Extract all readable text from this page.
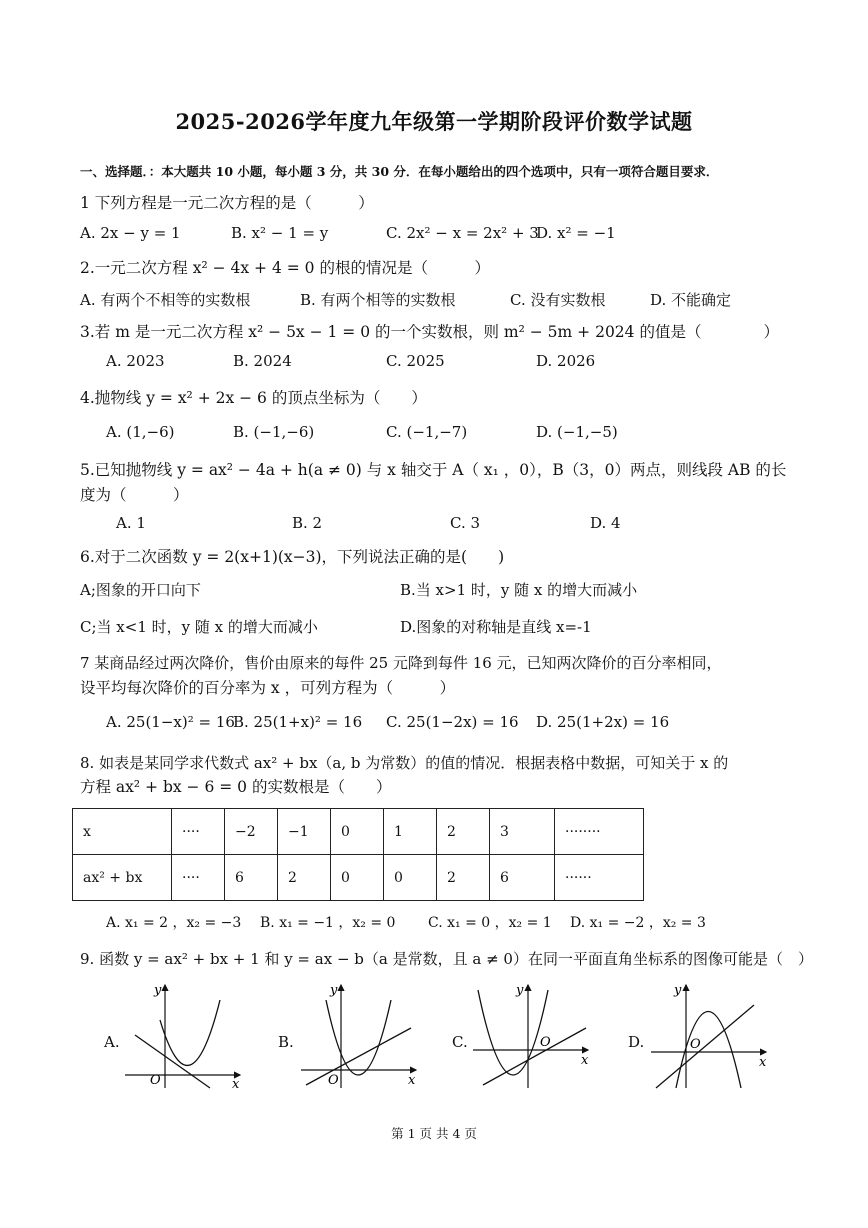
2025-2026学年度九年级第一学期阶段评价数学试题
一、选择题．：本大题共 10 小题，每小题 3 分，共 30 分．在每小题给出的四个选项中，只有一项符合题目要求．
1 下列方程是一元二次方程的是（　　　）
A. 2x − y = 1	B. x² − 1 = y	C. 2x² − x = 2x² + 3
D. x² = −1
2.一元二次方程 x² − 4x + 4 = 0 的根的情况是（　　　）
A. 有两个不相等的实数根	B. 有两个相等的实数根	C. 没有实数根	D. 不能确定
3.若 m 是一元二次方程 x² − 5x − 1 = 0 的一个实数根，则 m² − 5m + 2024 的值是（　　　　）
A. 2023	B. 2024	C. 2025	D. 2026
4.抛物线 y = x² + 2x − 6 的顶点坐标为（　　）
A. (1,−6)	B. (−1,−6)	C. (−1,−7)	D. (−1,−5)
5.已知抛物线 y = ax² − 4a + h(a ≠ 0) 与 x 轴交于 A（ x₁ ，0），B（3，0）两点，则线段 AB 的长
度为（　　　）
A. 1	B. 2	C. 3	D. 4
6.对于二次函数 y = 2(x+1)(x−3)，下列说法正确的是(　　)
A;图象的开口向下	B.当 x>1 时，y 随 x 的增大而减小
C;当 x<1 时，y 随 x 的增大而减小	D.图象的对称轴是直线 x=-1
7 某商品经过两次降价，售价由原来的每件 25 元降到每件 16 元，已知两次降价的百分率相同，
设平均每次降价的百分率为 x ，可列方程为（　　　）
A. 25(1−x)² = 16
B. 25(1+x)² = 16 C. 25(1−2x) = 16 D. 25(1+2x) = 16
8. 如表是某同学求代数式 ax² + bx（a, b 为常数）的值的情况．根据表格中数据，可知关于 x 的
方程 ax² + bx − 6 = 0 的实数根是（　　）
x	····	−2	−1	0	1	2	3	········
ax² + bx	····	6	2	0	0	2	6	······
A. x₁ = 2 ，x₂ = −3 B. x₁ = −1 ，x₂ = 0 C. x₁ = 0 ，x₂ = 1 D. x₁ = −2 ，x₂ = 3
9. 函数 y = ax² + bx + 1 和 y = ax − b（a 是常数，且 a ≠ 0）在同一平面直角坐标系的图像可能是（　）
A.	B.	C.	D.
O	x
y
O	x
y
O
x
y
O
x
y
第 1 页 共 4 页
